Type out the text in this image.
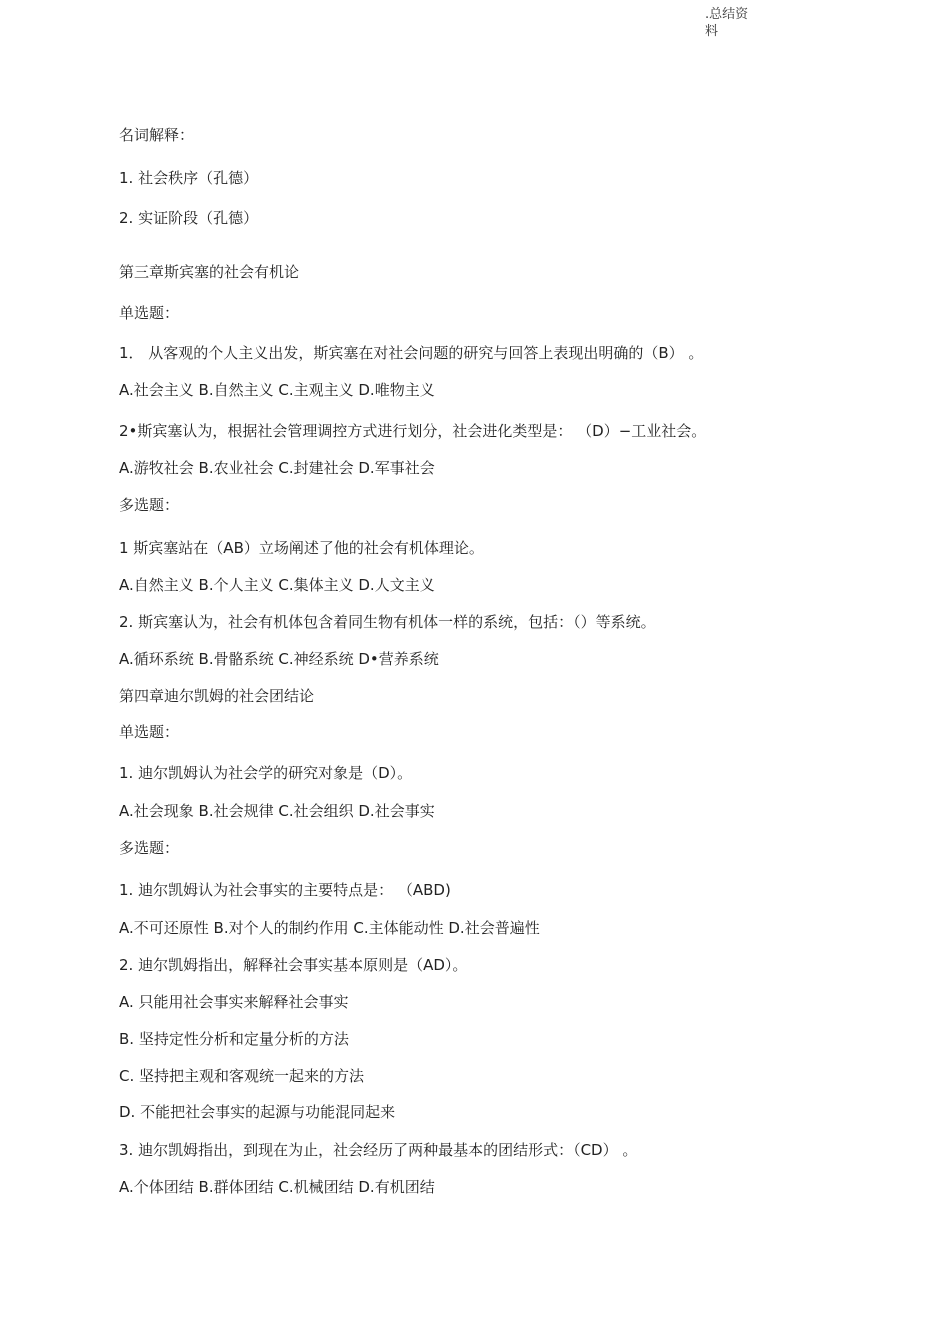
.总结资
料
名词解释：
1. 社会秩序（孔德）
2. 实证阶段（孔德）
第三章斯宾塞的社会有机论
单选题：
1． 从客观的个人主义出发，斯宾塞在对社会问题的研究与回答上表现出明确的（B） 。
A.社会主义 B.自然主义 C.主观主义 D.唯物主义
2•斯宾塞认为，根据社会管理调控方式进行划分，社会进化类型是： （D）−工业社会。
A.游牧社会 B.农业社会 C.封建社会 D.军事社会
多选题：
1 斯宾塞站在（AB）立场阐述了他的社会有机体理论。
A.自然主义 B.个人主义 C.集体主义 D.人文主义
2. 斯宾塞认为，社会有机体包含着同生物有机体一样的系统，包括：（）等系统。
A.循环系统 B.骨骼系统 C.神经系统 D•营养系统
第四章迪尔凯姆的社会团结论
单选题：
1. 迪尔凯姆认为社会学的研究对象是（D）。
A.社会现象 B.社会规律 C.社会组织 D.社会事实
多选题：
1. 迪尔凯姆认为社会事实的主要特点是： （ABD)
A.不可还原性 B.对个人的制约作用 C.主体能动性 D.社会普遍性
2. 迪尔凯姆指出，解释社会事实基本原则是（AD）。
A. 只能用社会事实来解释社会事实
B. 坚持定性分析和定量分析的方法
C. 坚持把主观和客观统一起来的方法
D. 不能把社会事实的起源与功能混同起来
3. 迪尔凯姆指出，到现在为止，社会经历了两种最基本的团结形式：（CD） 。
A.个体团结 B.群体团结 C.机械团结 D.有机团结
